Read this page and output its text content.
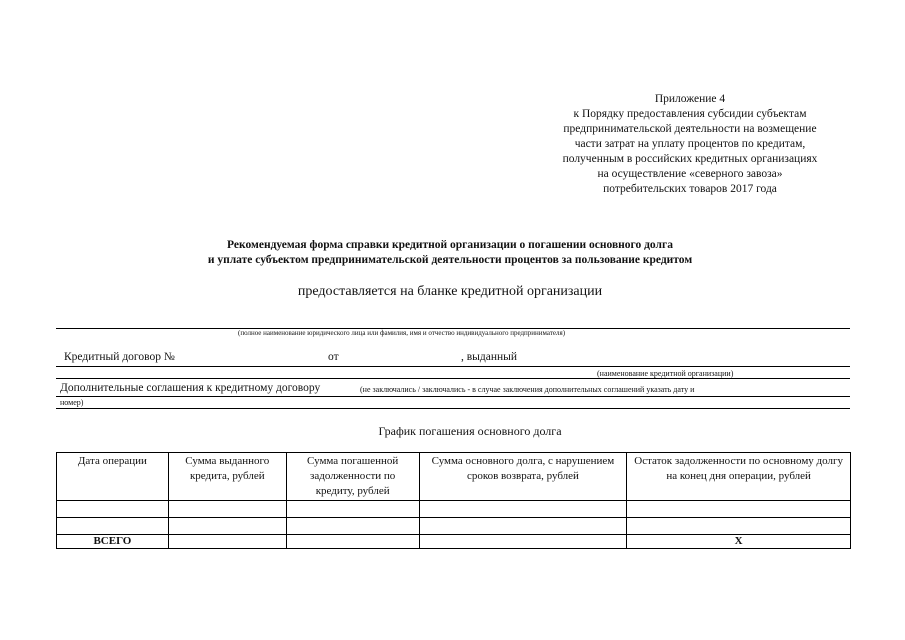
Приложение 4
к Порядку предоставления субсидии субъектам
предпринимательской деятельности на возмещение
части затрат на уплату процентов по кредитам,
полученным в российских кредитных организациях
на осуществление «северного завоза»
потребительских товаров 2017 года
Рекомендуемая форма справки кредитной организации о погашении основного долга
и уплате субъектом предпринимательской деятельности процентов за пользование кредитом
предоставляется на бланке кредитной организации
(полное наименование юридического лица или фамилия, имя и отчество индивидуального предпринимателя)
Кредитный договор №	от	, выданный
(наименование кредитной организации)
Дополнительные соглашения к кредитному договору	(не заключались / заключались - в случае заключения дополнительных соглашений указать дату и
номер)
График погашения основного долга
Дата операции	Сумма выданного кредита, рублей	Сумма погашенной задолженности по кредиту, рублей	Сумма основного долга, с нарушением сроков возврата, рублей	Остаток задолженности по основному долгу на конец дня операции, рублей

ВСЕГО				Х
